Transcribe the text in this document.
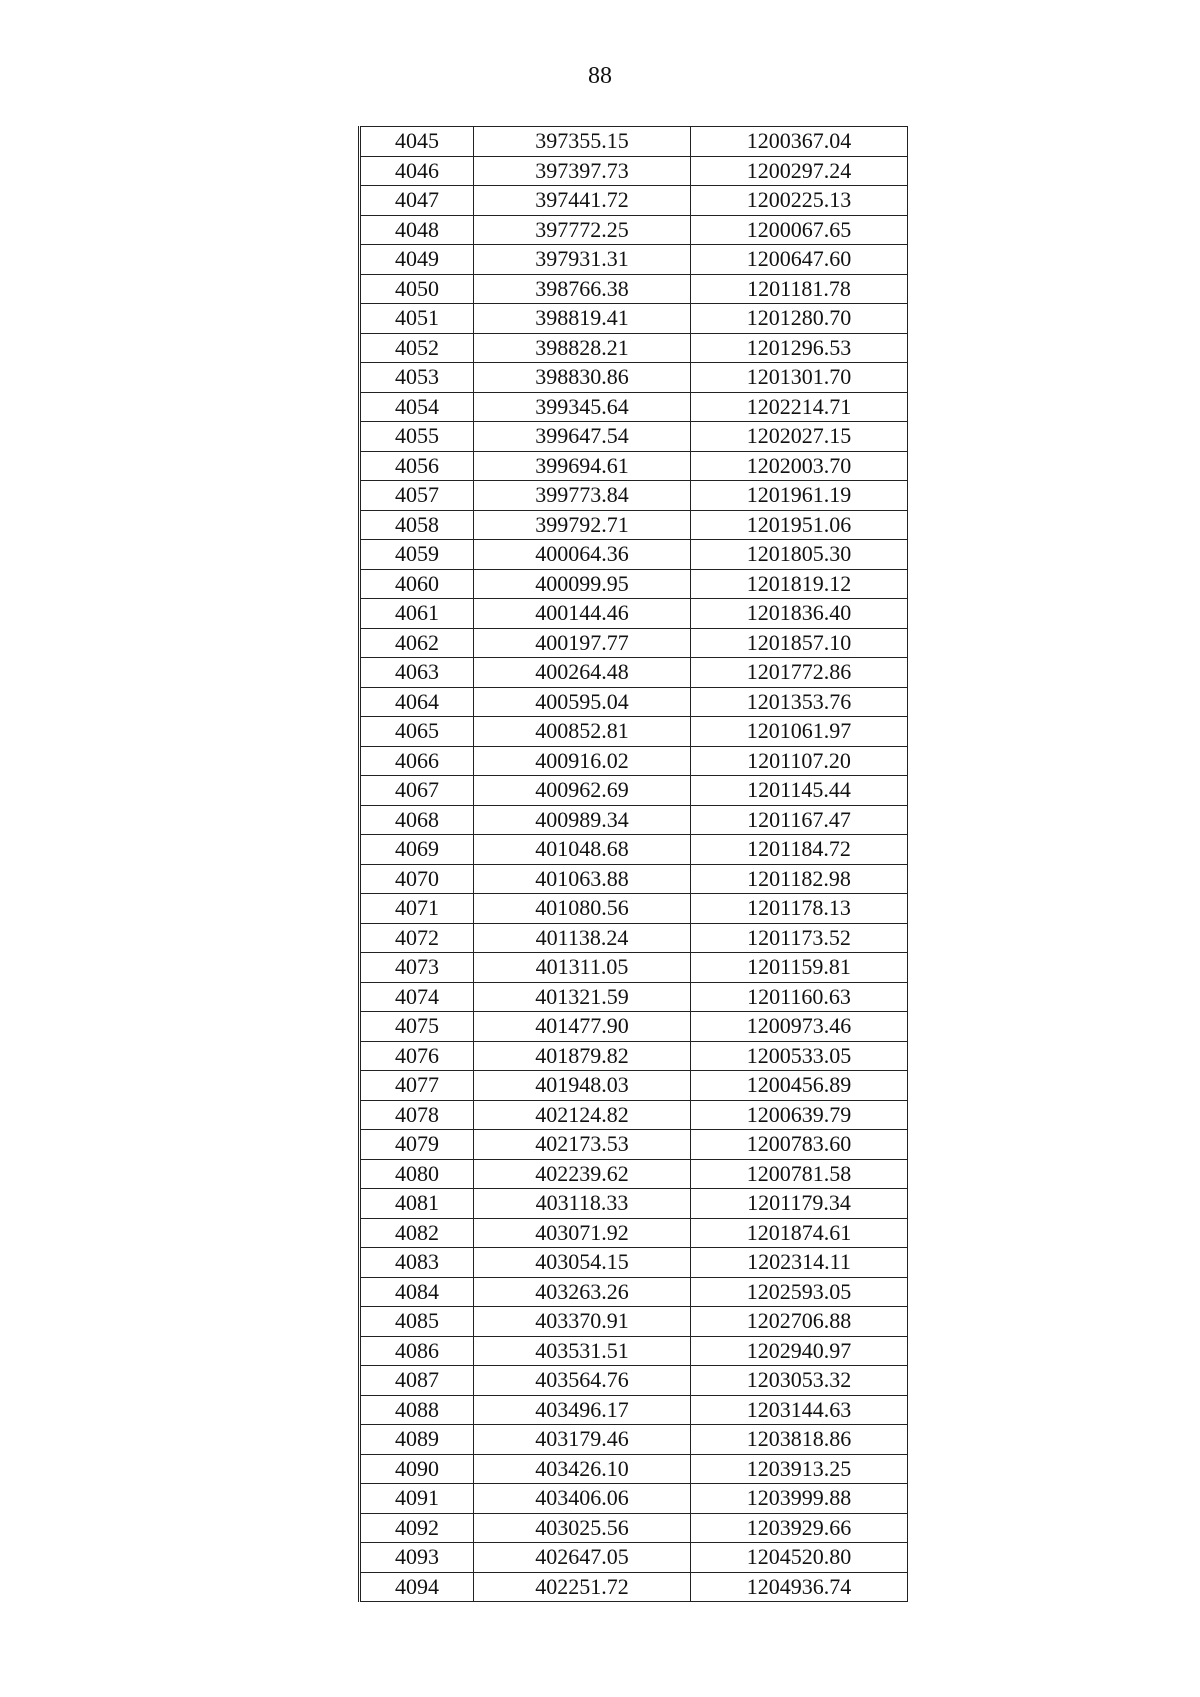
88
4045	397355.15	1200367.04
4046	397397.73	1200297.24
4047	397441.72	1200225.13
4048	397772.25	1200067.65
4049	397931.31	1200647.60
4050	398766.38	1201181.78
4051	398819.41	1201280.70
4052	398828.21	1201296.53
4053	398830.86	1201301.70
4054	399345.64	1202214.71
4055	399647.54	1202027.15
4056	399694.61	1202003.70
4057	399773.84	1201961.19
4058	399792.71	1201951.06
4059	400064.36	1201805.30
4060	400099.95	1201819.12
4061	400144.46	1201836.40
4062	400197.77	1201857.10
4063	400264.48	1201772.86
4064	400595.04	1201353.76
4065	400852.81	1201061.97
4066	400916.02	1201107.20
4067	400962.69	1201145.44
4068	400989.34	1201167.47
4069	401048.68	1201184.72
4070	401063.88	1201182.98
4071	401080.56	1201178.13
4072	401138.24	1201173.52
4073	401311.05	1201159.81
4074	401321.59	1201160.63
4075	401477.90	1200973.46
4076	401879.82	1200533.05
4077	401948.03	1200456.89
4078	402124.82	1200639.79
4079	402173.53	1200783.60
4080	402239.62	1200781.58
4081	403118.33	1201179.34
4082	403071.92	1201874.61
4083	403054.15	1202314.11
4084	403263.26	1202593.05
4085	403370.91	1202706.88
4086	403531.51	1202940.97
4087	403564.76	1203053.32
4088	403496.17	1203144.63
4089	403179.46	1203818.86
4090	403426.10	1203913.25
4091	403406.06	1203999.88
4092	403025.56	1203929.66
4093	402647.05	1204520.80
4094	402251.72	1204936.74
